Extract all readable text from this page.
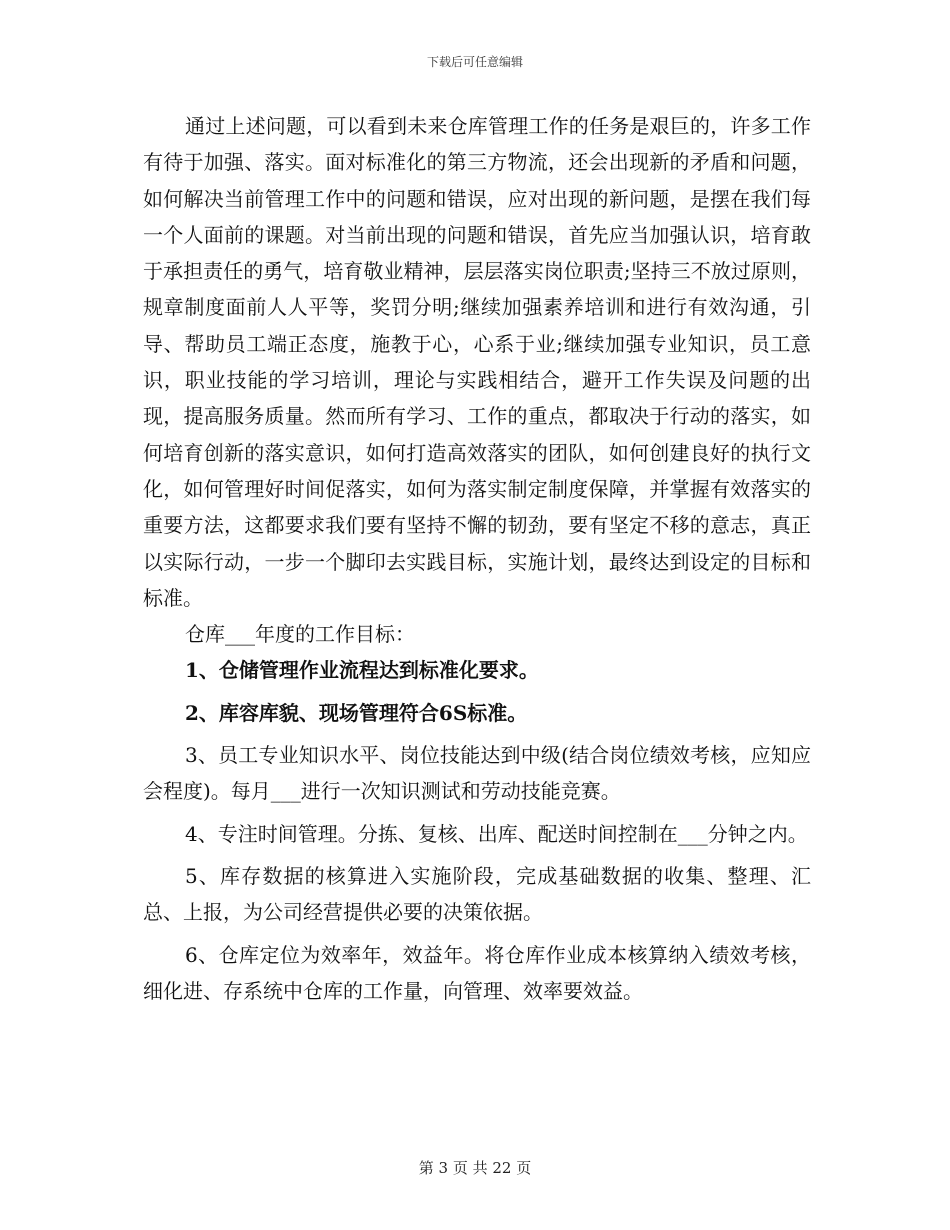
下载后可任意编辑

通过上述问题，可以看到未来仓库管理工作的任务是艰巨的，许多工作有待于加强、落实。面对标准化的第三方物流，还会出现新的矛盾和问题，如何解决当前管理工作中的问题和错误，应对出现的新问题，是摆在我们每一个人面前的课题。对当前出现的问题和错误，首先应当加强认识，培育敢于承担责任的勇气，培育敬业精神，层层落实岗位职责;坚持三不放过原则，规章制度面前人人平等，奖罚分明;继续加强素养培训和进行有效沟通，引导、帮助员工端正态度，施教于心，心系于业;继续加强专业知识，员工意识，职业技能的学习培训，理论与实践相结合，避开工作失误及问题的出现，提高服务质量。然而所有学习、工作的重点，都取决于行动的落实，如何培育创新的落实意识，如何打造高效落实的团队，如何创建良好的执行文化，如何管理好时间促落实，如何为落实制定制度保障，并掌握有效落实的重要方法，这都要求我们要有坚持不懈的韧劲，要有坚定不移的意志，真正以实际行动，一步一个脚印去实践目标，实施计划，最终达到设定的目标和标准。

仓库___年度的工作目标：

1、仓储管理作业流程达到标准化要求。

2、库容库貌、现场管理符合6S标准。

3、员工专业知识水平、岗位技能达到中级(结合岗位绩效考核，应知应会程度)。每月___进行一次知识测试和劳动技能竞赛。

4、专注时间管理。分拣、复核、出库、配送时间控制在___分钟之内。

5、库存数据的核算进入实施阶段，完成基础数据的收集、整理、汇总、上报，为公司经营提供必要的决策依据。

6、仓库定位为效率年，效益年。将仓库作业成本核算纳入绩效考核，细化进、存系统中仓库的工作量，向管理、效率要效益。

第 3 页 共 22 页
